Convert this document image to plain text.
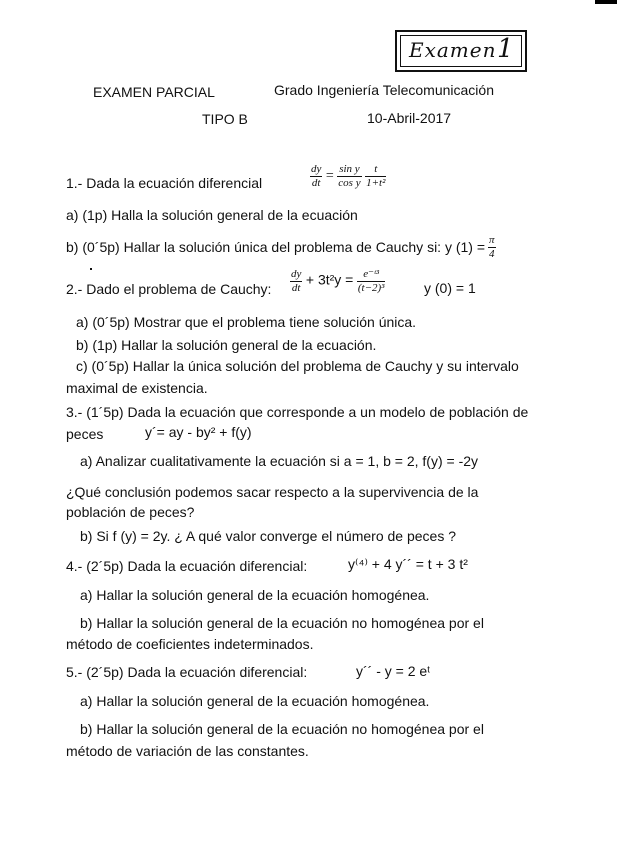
Examen 1
EXAMEN PARCIAL	Grado Ingeniería Telecomunicación
TIPO B	10-Abril-2017
1.- Dada la ecuación diferencial	$\frac{dy}{dt} = \frac{\text{sin y}}{\text{cos y}}$
$\frac{t}{\text{1+t²}}$
a) (1p) Halla la solución general de la ecuación
b) (0´5p) Hallar la solución única del problema de Cauchy si: y $(1) = \frac{\pi}{4}$
2.- Dado el problema de Cauchy: $\frac{dy}{dt} + 3t^2y = \frac{\text{e⁻ᵗ³}}{\text{(t−2)³}}$	y (0) = 1
a) (0´5p) Mostrar que el problema tiene solución única.
b) (1p) Hallar la solución general de la ecuación.
c) (0´5p) Hallar la única solución del problema de Cauchy y su intervalo
maximal de existencia.
3.- (1´5p) Dada la ecuación que corresponde a un modelo de población de
peces	y´= ay - by² + f(y)
a) Analizar cualitativamente la ecuación si a = 1, b = 2, f(y) = -2y
¿Qué conclusión podemos sacar respecto a la supervivencia de la
población de peces?
b) Si f (y) = 2y. ¿ A qué valor converge el número de peces ?
4.- (2´5p) Dada la ecuación diferencial:	y⁽⁴⁾ + 4 y´´ = t + 3 t²
a) Hallar la solución general de la ecuación homogénea.
b) Hallar la solución general de la ecuación no homogénea por el
método de coeficientes indeterminados.
5.- (2´5p) Dada la ecuación diferencial:	y´´ - y = 2 eᵗ
a) Hallar la solución general de la ecuación homogénea.
b) Hallar la solución general de la ecuación no homogénea por el
método de variación de las constantes.
